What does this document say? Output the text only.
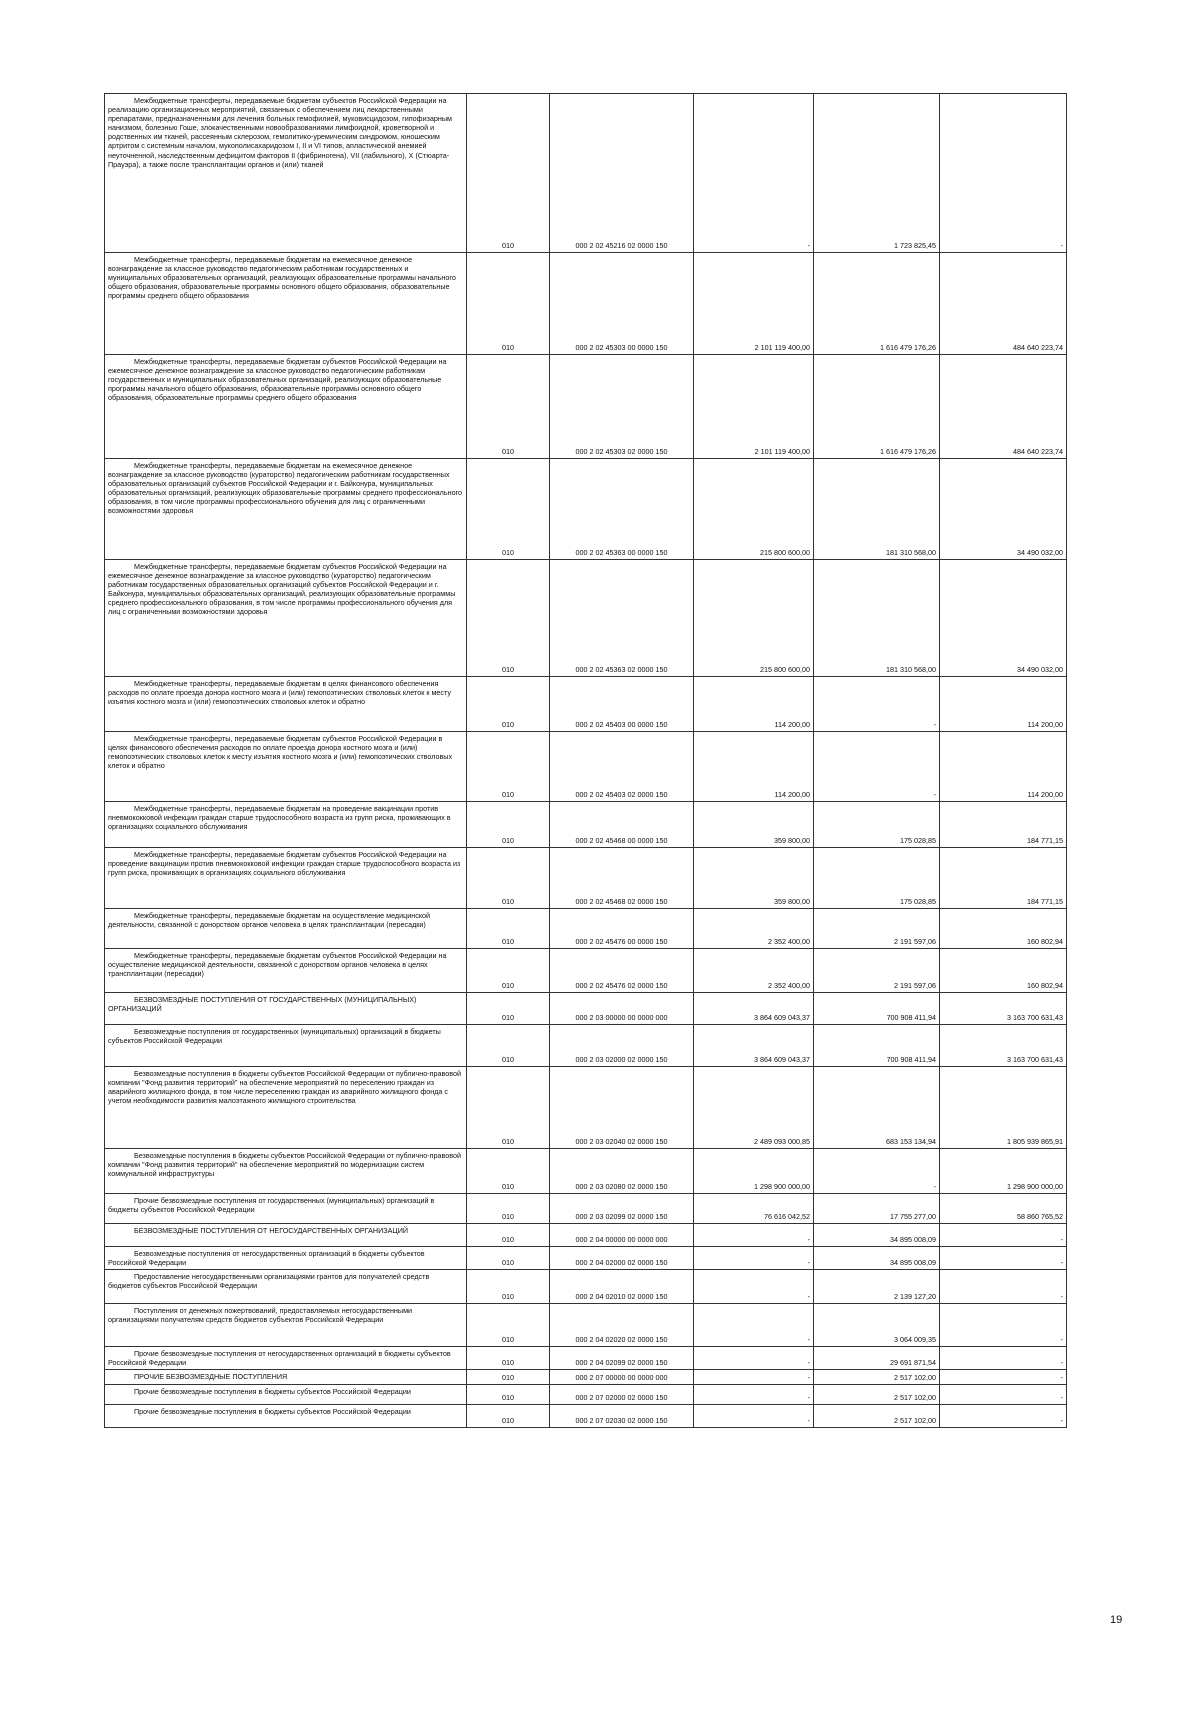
Межбюджетные трансферты, передаваемые бюджетам субъектов Российской Федерации на реализацию организационных мероприятий, связанных с обеспечением лиц лекарственными препаратами, предназначенными для лечения больных гемофилией, муковисцидозом, гипофизарным нанизмом, болезнью Гоше, злокачественными новообразованиями лимфоидной, кроветворной и родственных им тканей, рассеянным склерозом, гемолитико-уремическим синдромом, юношеским артритом с системным началом, мукополисахаридозом I, II и VI типов, апластической анемией неуточненной, наследственным дефицитом факторов II (фибриногена), VII (лабильного), X (Стюарта-Прауэра), а также после трансплантации органов и (или) тканей	010	000 2 02 45216 02 0000 150	-	1 723 825,45	-

Межбюджетные трансферты, передаваемые бюджетам на ежемесячное денежное вознаграждение за классное руководство педагогическим работникам государственных и муниципальных образовательных организаций, реализующих образовательные программы начального общего образования, образовательные программы основного общего образования, образовательные программы среднего общего образования	010	000 2 02 45303 00 0000 150	2 101 119 400,00	1 616 479 176,26	484 640 223,74

Межбюджетные трансферты, передаваемые бюджетам субъектов Российской Федерации на ежемесячное денежное вознаграждение за классное руководство педагогическим работникам государственных и муниципальных образовательных организаций, реализующих образовательные программы начального общего образования, образовательные программы основного общего образования, образовательные программы среднего общего образования	010	000 2 02 45303 02 0000 150	2 101 119 400,00	1 616 479 176,26	484 640 223,74

Межбюджетные трансферты, передаваемые бюджетам на ежемесячное денежное вознаграждение за классное руководство (кураторство) педагогическим работникам государственных образовательных организаций субъектов Российской Федерации и г. Байконура, муниципальных образовательных организаций, реализующих образовательные программы среднего профессионального образования, в том числе программы профессионального обучения для лиц с ограниченными возможностями здоровья	010	000 2 02 45363 00 0000 150	215 800 600,00	181 310 568,00	34 490 032,00

Межбюджетные трансферты, передаваемые бюджетам субъектов Российской Федерации на ежемесячное денежное вознаграждение за классное руководство (кураторство) педагогическим работникам государственных образовательных организаций субъектов Российской Федерации и г. Байконура, муниципальных образовательных организаций, реализующих образовательные программы среднего профессионального образования, в том числе программы профессионального обучения для лиц с ограниченными возможностями здоровья	010	000 2 02 45363 02 0000 150	215 800 600,00	181 310 568,00	34 490 032,00

Межбюджетные трансферты, передаваемые бюджетам в целях финансового обеспечения расходов по оплате проезда донора костного мозга и (или) гемопоэтических стволовых клеток к месту изъятия костного мозга и (или) гемопоэтических стволовых клеток и обратно	010	000 2 02 45403 00 0000 150	114 200,00	-	114 200,00

Межбюджетные трансферты, передаваемые бюджетам субъектов Российской Федерации в целях финансового обеспечения расходов по оплате проезда донора костного мозга и (или) гемопоэтических стволовых клеток к месту изъятия костного мозга и (или) гемопоэтических стволовых клеток и обратно	010	000 2 02 45403 02 0000 150	114 200,00	-	114 200,00

Межбюджетные трансферты, передаваемые бюджетам на проведение вакцинации против пневмококковой инфекции граждан старше трудоспособного возраста из групп риска, проживающих в организациях социального обслуживания	010	000 2 02 45468 00 0000 150	359 800,00	175 028,85	184 771,15

Межбюджетные трансферты, передаваемые бюджетам субъектов Российской Федерации на проведение вакцинации против пневмококковой инфекции граждан старше трудоспособного возраста из групп риска, проживающих в организациях социального обслуживания	010	000 2 02 45468 02 0000 150	359 800,00	175 028,85	184 771,15

Межбюджетные трансферты, передаваемые бюджетам на осуществление медицинской деятельности, связанной с донорством органов человека в целях трансплантации (пересадки)	010	000 2 02 45476 00 0000 150	2 352 400,00	2 191 597,06	160 802,94

Межбюджетные трансферты, передаваемые бюджетам субъектов Российской Федерации на осуществление медицинской деятельности, связанной с донорством органов человека в целях трансплантации (пересадки)	010	000 2 02 45476 02 0000 150	2 352 400,00	2 191 597,06	160 802,94

БЕЗВОЗМЕЗДНЫЕ ПОСТУПЛЕНИЯ ОТ ГОСУДАРСТВЕННЫХ (МУНИЦИПАЛЬНЫХ) ОРГАНИЗАЦИЙ	010	000 2 03 00000 00 0000 000	3 864 609 043,37	700 908 411,94	3 163 700 631,43

Безвозмездные поступления от государственных (муниципальных) организаций в бюджеты субъектов Российской Федерации	010	000 2 03 02000 02 0000 150	3 864 609 043,37	700 908 411,94	3 163 700 631,43

Безвозмездные поступления в бюджеты субъектов Российской Федерации от публично-правовой компании "Фонд развития территорий" на обеспечение мероприятий по переселению граждан из аварийного жилищного фонда, в том числе переселению граждан из аварийного жилищного фонда с учетом необходимости развития малоэтажного жилищного строительства	010	000 2 03 02040 02 0000 150	2 489 093 000,85	683 153 134,94	1 805 939 865,91

Безвозмездные поступления в бюджеты субъектов Российской Федерации от публично-правовой компании "Фонд развития территорий" на обеспечение мероприятий по модернизации систем коммунальной инфраструктуры	010	000 2 03 02080 02 0000 150	1 298 900 000,00	-	1 298 900 000,00

Прочие безвозмездные поступления от государственных (муниципальных) организаций в бюджеты субъектов Российской Федерации	010	000 2 03 02099 02 0000 150	76 616 042,52	17 755 277,00	58 860 765,52

БЕЗВОЗМЕЗДНЫЕ ПОСТУПЛЕНИЯ ОТ НЕГОСУДАРСТВЕННЫХ ОРГАНИЗАЦИЙ	010	000 2 04 00000 00 0000 000	-	34 895 008,09	-

Безвозмездные поступления от негосударственных организаций в бюджеты субъектов Российской Федерации	010	000 2 04 02000 02 0000 150	-	34 895 008,09	-

Предоставление негосударственными организациями грантов для получателей средств бюджетов субъектов Российской Федерации	010	000 2 04 02010 02 0000 150	-	2 139 127,20	-

Поступления от денежных пожертвований, предоставляемых негосударственными организациями получателям средств бюджетов субъектов Российской Федерации	010	000 2 04 02020 02 0000 150	-	3 064 009,35	-

Прочие безвозмездные поступления от негосударственных организаций в бюджеты субъектов Российской Федерации	010	000 2 04 02099 02 0000 150	-	29 691 871,54	-

ПРОЧИЕ БЕЗВОЗМЕЗДНЫЕ ПОСТУПЛЕНИЯ	010	000 2 07 00000 00 0000 000	-	2 517 102,00	-

Прочие безвозмездные поступления в бюджеты субъектов Российской Федерации	010	000 2 07 02000 02 0000 150	-	2 517 102,00	-

Прочие безвозмездные поступления в бюджеты субъектов Российской Федерации	010	000 2 07 02030 02 0000 150	-	2 517 102,00	-
19
